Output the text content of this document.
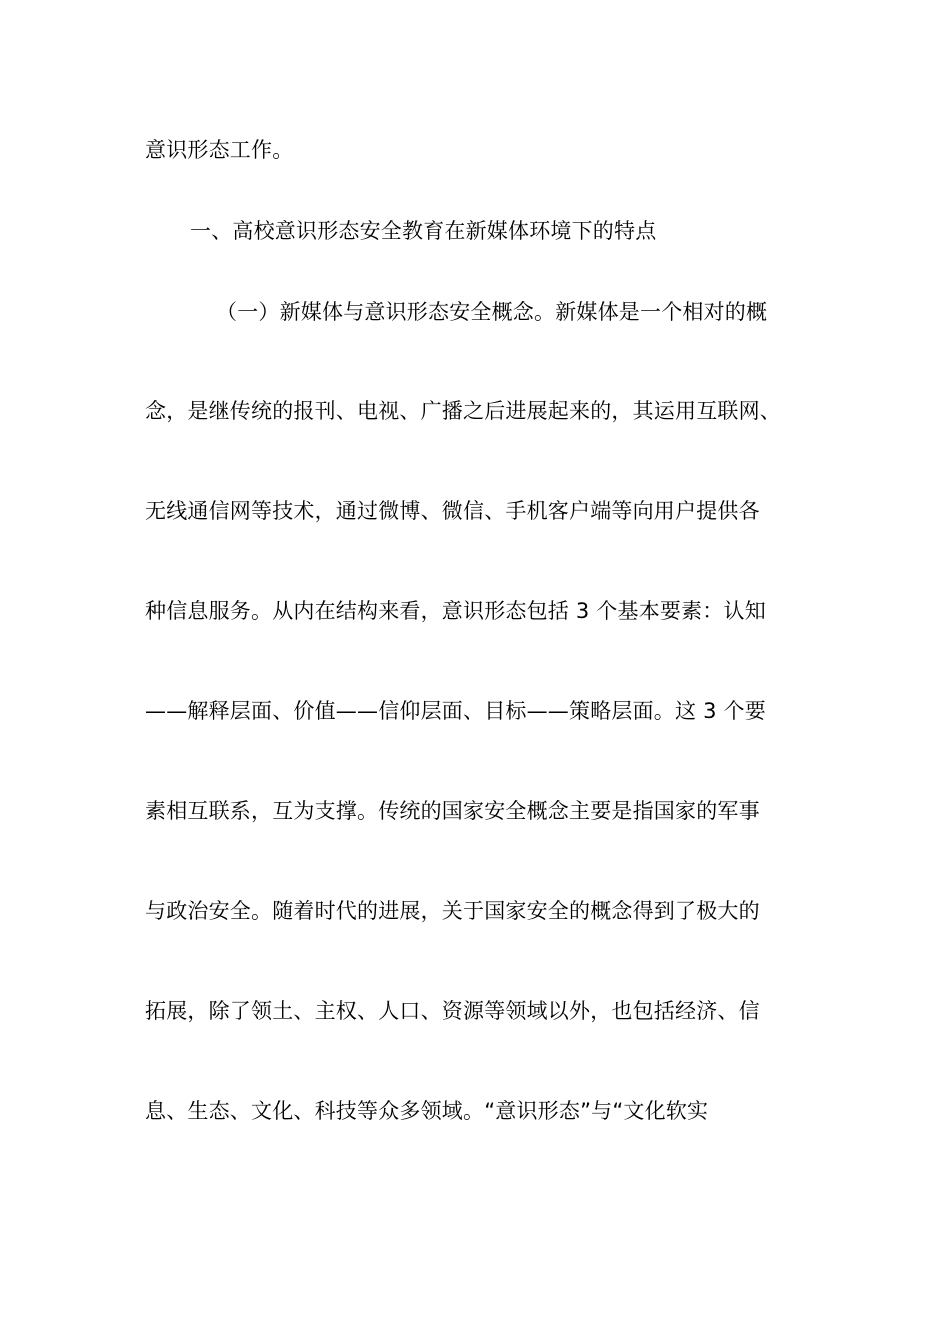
意识形态工作。
一、高校意识形态安全教育在新媒体环境下的特点
（一）新媒体与意识形态安全概念。新媒体是一个相对的概
念，是继传统的报刊、电视、广播之后进展起来的，其运用互联网、
无线通信网等技术，通过微博、微信、手机客户端等向用户提供各
种信息服务。从内在结构来看，意识形态包括 3 个基本要素：认知
——解释层面、价值——信仰层面、目标——策略层面。这 3 个要
素相互联系，互为支撑。传统的国家安全概念主要是指国家的军事
与政治安全。随着时代的进展，关于国家安全的概念得到了极大的
拓展，除了领土、主权、人口、资源等领域以外，也包括经济、信
息、生态、文化、科技等众多领域。“意识形态”与“文化软实
